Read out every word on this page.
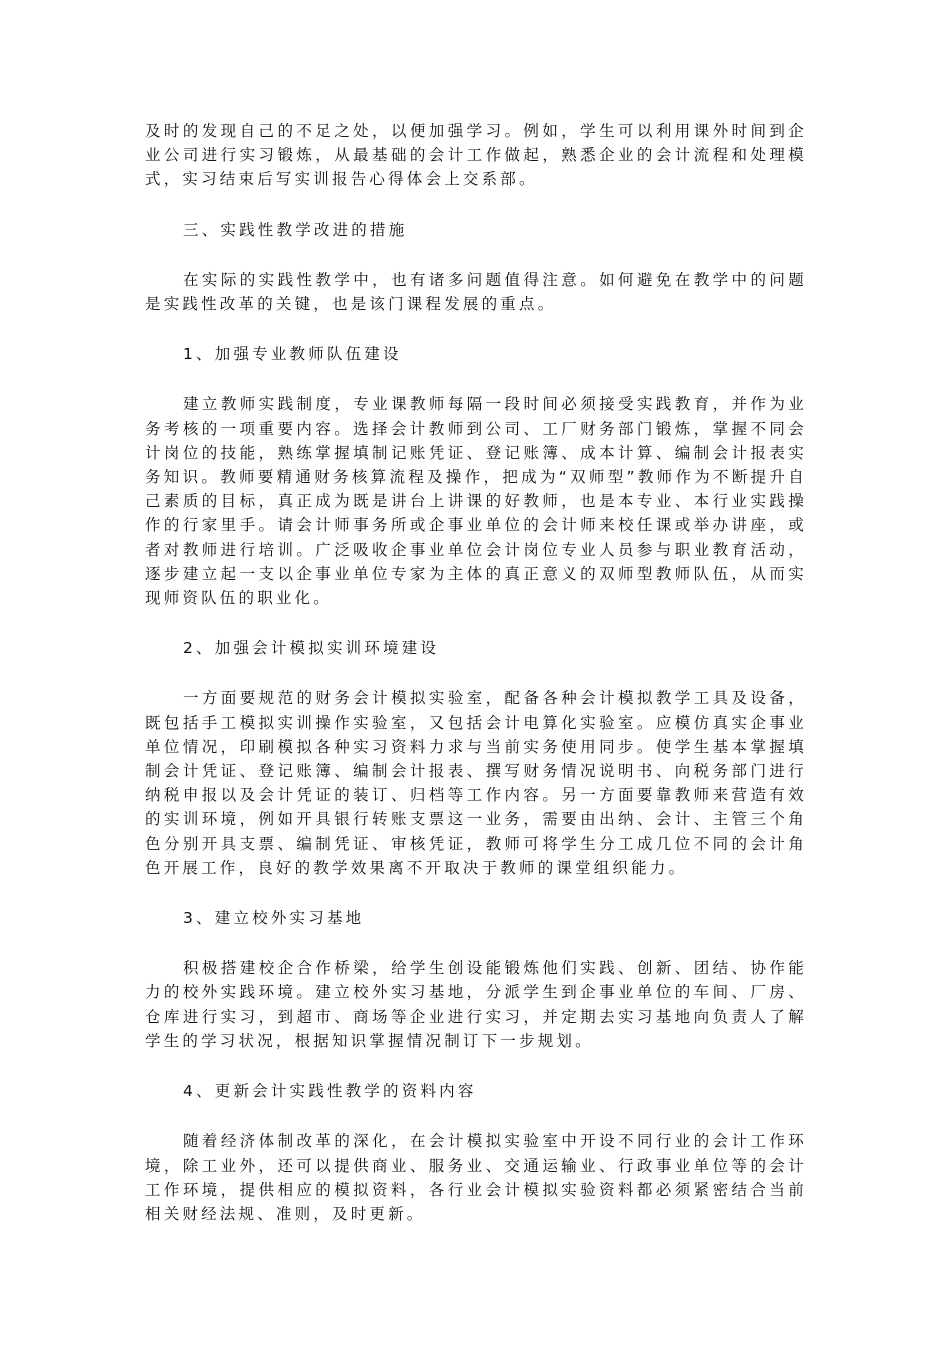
及时的发现自己的不足之处，以便加强学习。例如，学生可以利用课外时间到企业公司进行实习锻炼，从最基础的会计工作做起，熟悉企业的会计流程和处理模式，实习结束后写实训报告心得体会上交系部。

三、实践性教学改进的措施

在实际的实践性教学中，也有诸多问题值得注意。如何避免在教学中的问题是实践性改革的关键，也是该门课程发展的重点。

1、加强专业教师队伍建设

建立教师实践制度，专业课教师每隔一段时间必须接受实践教育，并作为业务考核的一项重要内容。选择会计教师到公司、工厂财务部门锻炼，掌握不同会计岗位的技能，熟练掌握填制记账凭证、登记账簿、成本计算、编制会计报表实务知识。教师要精通财务核算流程及操作，把成为“双师型”教师作为不断提升自己素质的目标，真正成为既是讲台上讲课的好教师，也是本专业、本行业实践操作的行家里手。请会计师事务所或企事业单位的会计师来校任课或举办讲座，或者对教师进行培训。广泛吸收企事业单位会计岗位专业人员参与职业教育活动，逐步建立起一支以企事业单位专家为主体的真正意义的双师型教师队伍，从而实现师资队伍的职业化。

2、加强会计模拟实训环境建设

一方面要规范的财务会计模拟实验室，配备各种会计模拟教学工具及设备，既包括手工模拟实训操作实验室，又包括会计电算化实验室。应模仿真实企事业单位情况，印刷模拟各种实习资料力求与当前实务使用同步。使学生基本掌握填制会计凭证、登记账簿、编制会计报表、撰写财务情况说明书、向税务部门进行纳税申报以及会计凭证的装订、归档等工作内容。另一方面要靠教师来营造有效的实训环境，例如开具银行转账支票这一业务，需要由出纳、会计、主管三个角色分别开具支票、编制凭证、审核凭证，教师可将学生分工成几位不同的会计角色开展工作，良好的教学效果离不开取决于教师的课堂组织能力。

3、建立校外实习基地

积极搭建校企合作桥梁，给学生创设能锻炼他们实践、创新、团结、协作能力的校外实践环境。建立校外实习基地，分派学生到企事业单位的车间、厂房、仓库进行实习，到超市、商场等企业进行实习，并定期去实习基地向负责人了解学生的学习状况，根据知识掌握情况制订下一步规划。

4、更新会计实践性教学的资料内容

随着经济体制改革的深化，在会计模拟实验室中开设不同行业的会计工作环境，除工业外，还可以提供商业、服务业、交通运输业、行政事业单位等的会计工作环境，提供相应的模拟资料，各行业会计模拟实验资料都必须紧密结合当前相关财经法规、准则，及时更新。
